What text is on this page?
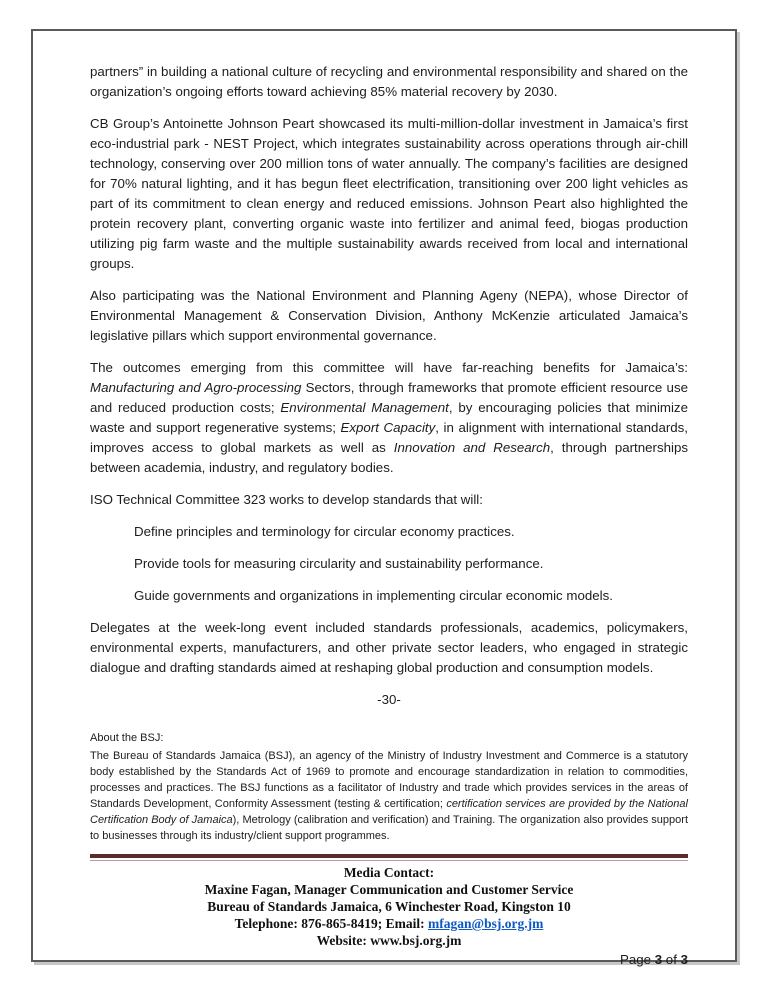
partners” in building a national culture of recycling and environmental responsibility and shared on the organization’s ongoing efforts toward achieving 85% material recovery by 2030.

CB Group’s Antoinette Johnson Peart showcased its multi-million-dollar investment in Jamaica’s first eco-industrial park - NEST Project, which integrates sustainability across operations through air-chill technology, conserving over 200 million tons of water annually. The company’s facilities are designed for 70% natural lighting, and it has begun fleet electrification, transitioning over 200 light vehicles as part of its commitment to clean energy and reduced emissions. Johnson Peart also highlighted the protein recovery plant, converting organic waste into fertilizer and animal feed, biogas production utilizing pig farm waste and the multiple sustainability awards received from local and international groups.

Also participating was the National Environment and Planning Ageny (NEPA), whose Director of Environmental Management & Conservation Division, Anthony McKenzie articulated Jamaica’s legislative pillars which support environmental governance.

The outcomes emerging from this committee will have far-reaching benefits for Jamaica’s: Manufacturing and Agro-processing Sectors, through frameworks that promote efficient resource use and reduced production costs; Environmental Management, by encouraging policies that minimize waste and support regenerative systems; Export Capacity, in alignment with international standards, improves access to global markets as well as Innovation and Research, through partnerships between academia, industry, and regulatory bodies.

ISO Technical Committee 323 works to develop standards that will:

Define principles and terminology for circular economy practices.

Provide tools for measuring circularity and sustainability performance.

Guide governments and organizations in implementing circular economic models.

Delegates at the week-long event included standards professionals, academics, policymakers, environmental experts, manufacturers, and other private sector leaders, who engaged in strategic dialogue and drafting standards aimed at reshaping global production and consumption models.

-30-

About the BSJ:

The Bureau of Standards Jamaica (BSJ), an agency of the Ministry of Industry Investment and Commerce is a statutory body established by the Standards Act of 1969 to promote and encourage standardization in relation to commodities, processes and practices. The BSJ functions as a facilitator of Industry and trade which provides services in the areas of Standards Development, Conformity Assessment (testing & certification; certification services are provided by the National Certification Body of Jamaica), Metrology (calibration and verification) and Training. The organization also provides support to businesses through its industry/client support programmes.

Media Contact:
Maxine Fagan, Manager Communication and Customer Service
Bureau of Standards Jamaica, 6 Winchester Road, Kingston 10
Telephone: 876-865-8419; Email: mfagan@bsj.org.jm
Website: www.bsj.org.jm
Page 3 of 3
